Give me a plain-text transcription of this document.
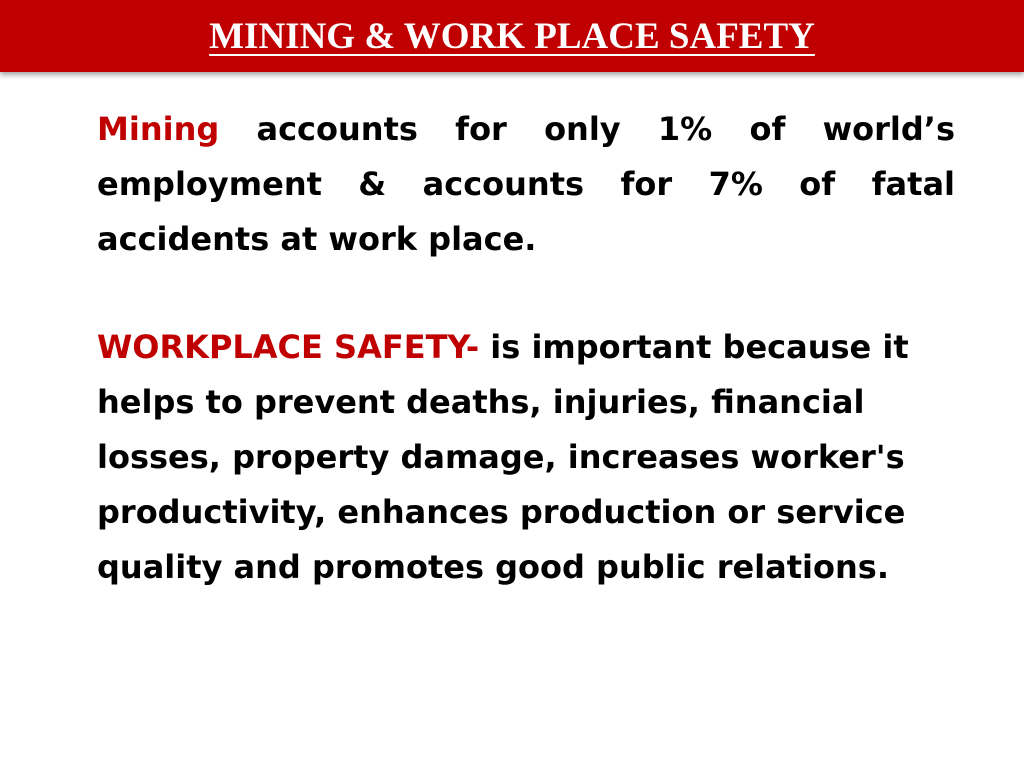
MINING & WORK PLACE SAFETY

Mining accounts for only 1% of world’s employment & accounts for 7% of fatal accidents at work place.

WORKPLACE SAFETY- is important because it helps to prevent deaths, injuries, financial losses, property damage, increases worker's productivity, enhances production or service quality and promotes good public relations.
